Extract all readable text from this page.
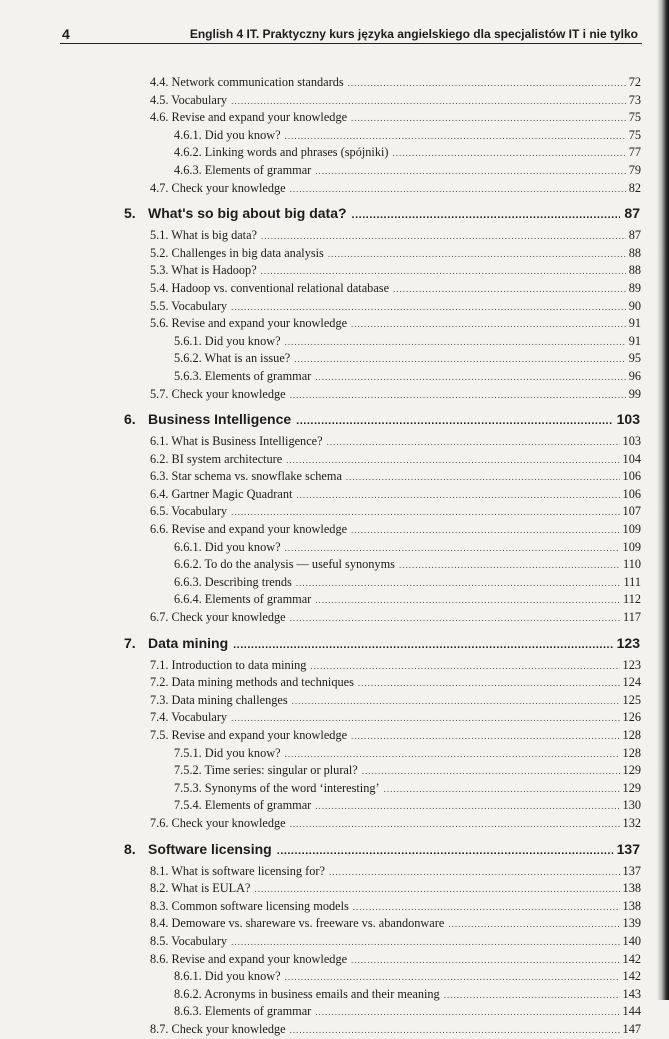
4	English 4 IT. Praktyczny kurs języka angielskiego dla specjalistów IT i nie tylko
4.4. Network communication standards .....	72
4.5. Vocabulary .....	73
4.6. Revise and expand your knowledge .....	75
4.6.1. Did you know? .....	75
4.6.2. Linking words and phrases (spójniki) .....	77
4.6.3. Elements of grammar .....	79
4.7. Check your knowledge .....	82
5. What's so big about big data? .....	87
5.1. What is big data? .....	87
5.2. Challenges in big data analysis .....	88
5.3. What is Hadoop? .....	88
5.4. Hadoop vs. conventional relational database .....	89
5.5. Vocabulary .....	90
5.6. Revise and expand your knowledge .....	91
5.6.1. Did you know? .....	91
5.6.2. What is an issue? .....	95
5.6.3. Elements of grammar .....	96
5.7. Check your knowledge .....	99
6. Business Intelligence .....	103
6.1. What is Business Intelligence? .....	103
6.2. BI system architecture .....	104
6.3. Star schema vs. snowflake schema .....	106
6.4. Gartner Magic Quadrant .....	106
6.5. Vocabulary .....	107
6.6. Revise and expand your knowledge .....	109
6.6.1. Did you know? .....	109
6.6.2. To do the analysis — useful synonyms .....	110
6.6.3. Describing trends .....	111
6.6.4. Elements of grammar .....	112
6.7. Check your knowledge .....	117
7. Data mining .....	123
7.1. Introduction to data mining .....	123
7.2. Data mining methods and techniques .....	124
7.3. Data mining challenges .....	125
7.4. Vocabulary .....	126
7.5. Revise and expand your knowledge .....	128
7.5.1. Did you know? .....	128
7.5.2. Time series: singular or plural? .....	129
7.5.3. Synonyms of the word ‘interesting’ .....	129
7.5.4. Elements of grammar .....	130
7.6. Check your knowledge .....	132
8. Software licensing .....	137
8.1. What is software licensing for? .....	137
8.2. What is EULA? .....	138
8.3. Common software licensing models .....	138
8.4. Demoware vs. shareware vs. freeware vs. abandonware .....	139
8.5. Vocabulary .....	140
8.6. Revise and expand your knowledge .....	142
8.6.1. Did you know? .....	142
8.6.2. Acronyms in business emails and their meaning .....	143
8.6.3. Elements of grammar .....	144
8.7. Check your knowledge .....	147
